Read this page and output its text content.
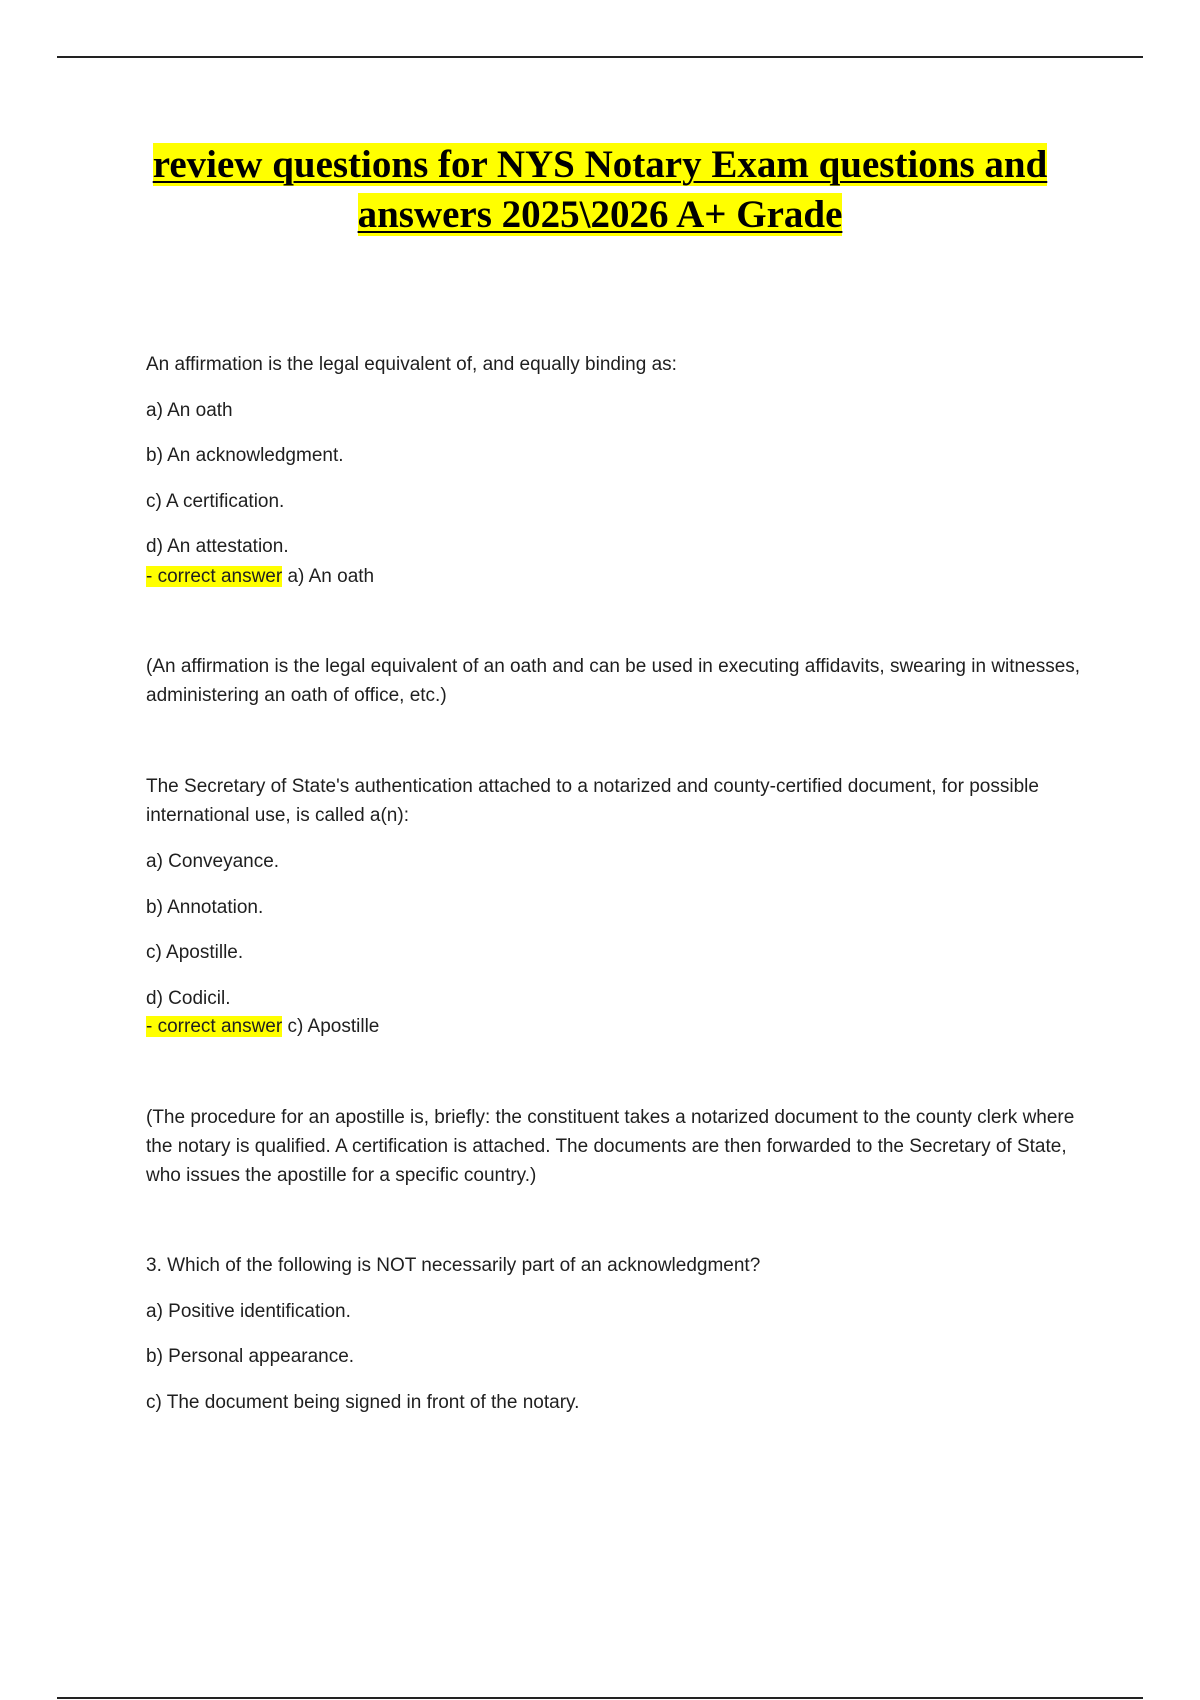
review questions for NYS Notary Exam questions and
answers 2025\2026 A+ Grade
An affirmation is the legal equivalent of, and equally binding as:
a) An oath
b) An acknowledgment.
c) A certification.
d) An attestation.
- correct answer a) An oath
(An affirmation is the legal equivalent of an oath and can be used in executing affidavits, swearing in witnesses, administering an oath of office, etc.)
The Secretary of State's authentication attached to a notarized and county-certified document, for possible international use, is called a(n):
a) Conveyance.
b) Annotation.
c) Apostille.
d) Codicil.
- correct answer c) Apostille
(The procedure for an apostille is, briefly: the constituent takes a notarized document to the county clerk where the notary is qualified. A certification is attached. The documents are then forwarded to the Secretary of State, who issues the apostille for a specific country.)
3. Which of the following is NOT necessarily part of an acknowledgment?
a) Positive identification.
b) Personal appearance.
c) The document being signed in front of the notary.
